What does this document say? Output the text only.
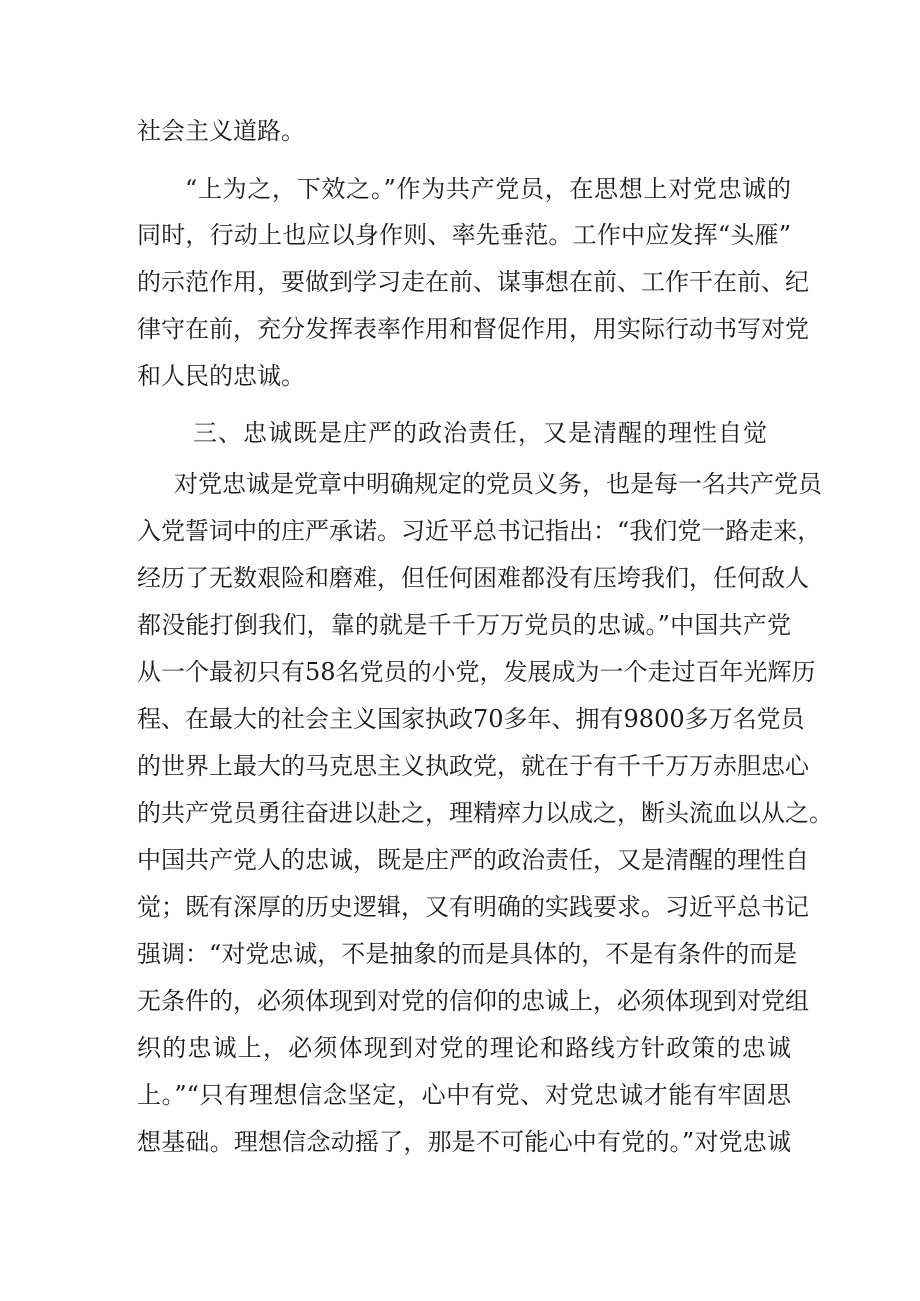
社会主义道路。
“上为之，下效之。”作为共产党员，在思想上对党忠诚的
同时，行动上也应以身作则、率先垂范。工作中应发挥“头雁”
的示范作用，要做到学习走在前、谋事想在前、工作干在前、纪
律守在前，充分发挥表率作用和督促作用，用实际行动书写对党
和人民的忠诚。
三、忠诚既是庄严的政治责任，又是清醒的理性自觉
对党忠诚是党章中明确规定的党员义务，也是每一名共产党员
入党誓词中的庄严承诺。习近平总书记指出：“我们党一路走来，
经历了无数艰险和磨难，但任何困难都没有压垮我们，任何敌人
都没能打倒我们，靠的就是千千万万党员的忠诚。”中国共产党
从一个最初只有58名党员的小党，发展成为一个走过百年光辉历
程、在最大的社会主义国家执政70多年、拥有9800多万名党员
的世界上最大的马克思主义执政党，就在于有千千万万赤胆忠心
的共产党员勇往奋进以赴之，理精瘁力以成之，断头流血以从之。
中国共产党人的忠诚，既是庄严的政治责任，又是清醒的理性自
觉；既有深厚的历史逻辑，又有明确的实践要求。习近平总书记
强调：“对党忠诚，不是抽象的而是具体的，不是有条件的而是
无条件的，必须体现到对党的信仰的忠诚上，必须体现到对党组
织的忠诚上，必须体现到对党的理论和路线方针政策的忠诚
上。”“只有理想信念坚定，心中有党、对党忠诚才能有牢固思
想基础。理想信念动摇了，那是不可能心中有党的。”对党忠诚
